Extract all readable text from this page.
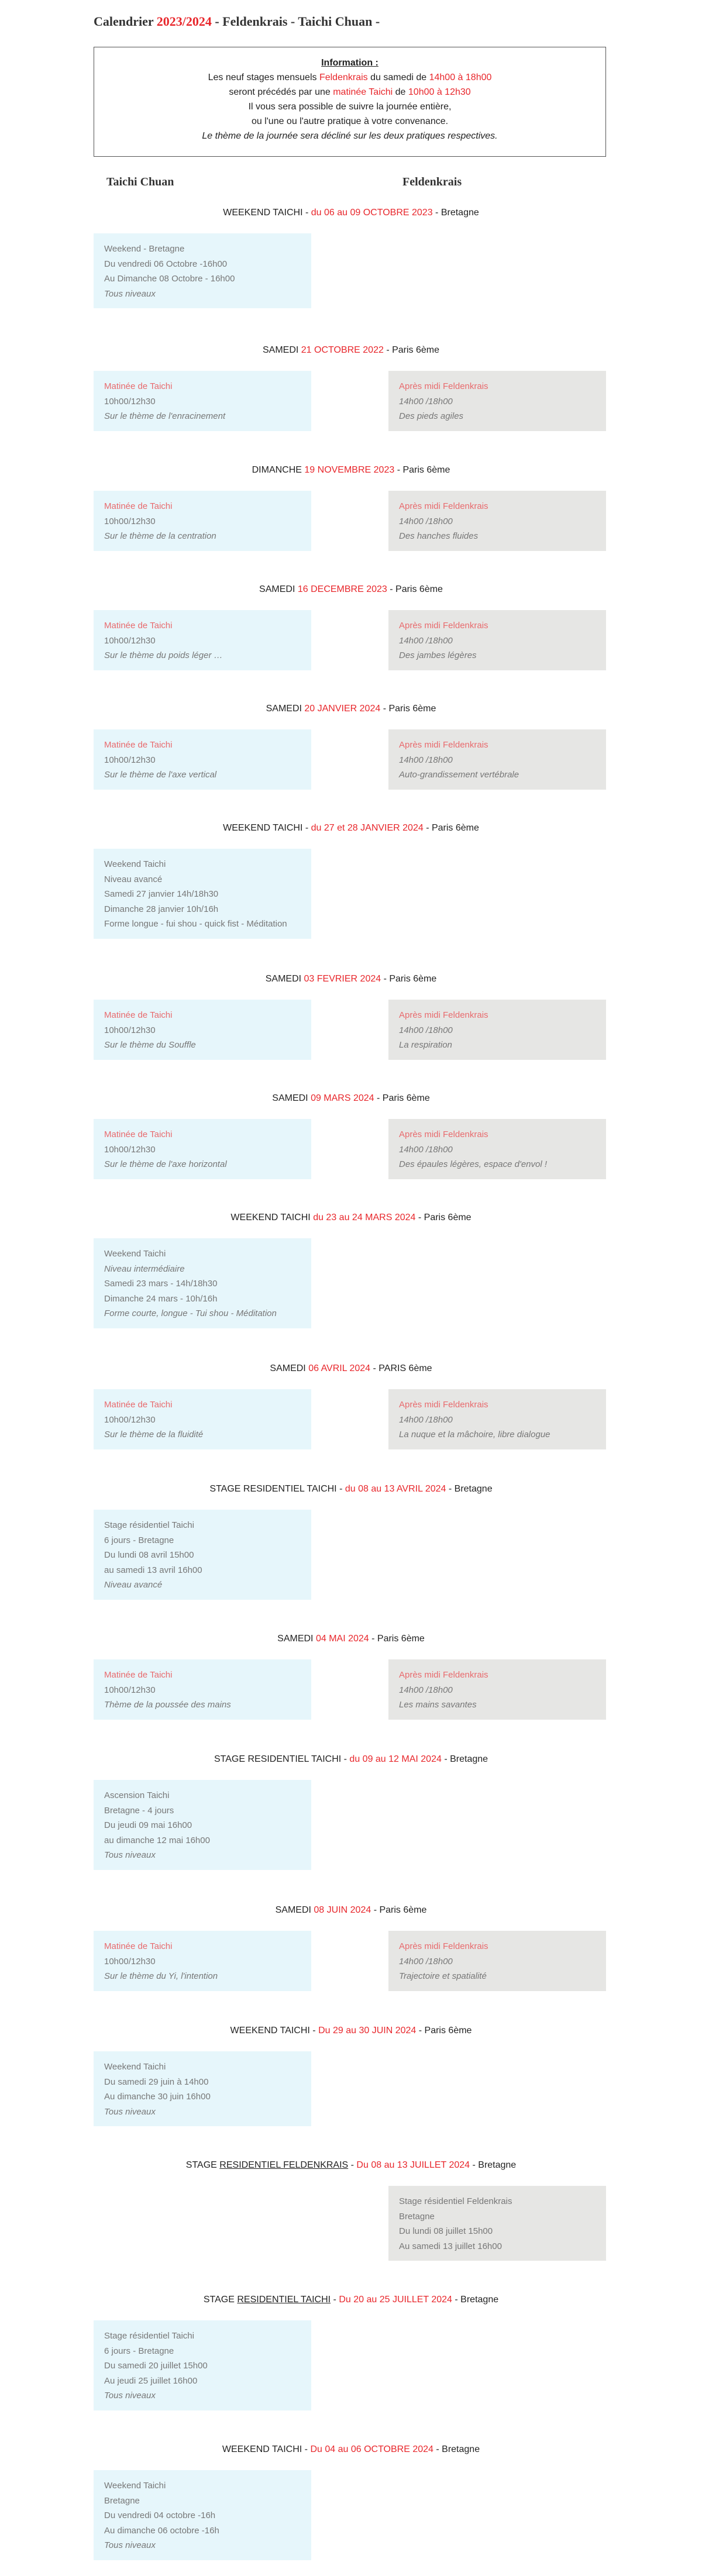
Calendrier 2023/2024 - Feldenkrais - Taichi Chuan -
Information :
Les neuf stages mensuels Feldenkrais du samedi de 14h00 à 18h00
seront précédés par une matinée Taichi de 10h00 à 12h30
Il vous sera possible de suivre la journée entière,
ou l'une ou l'autre pratique à votre convenance.
Le thème de la journée sera décliné sur les deux pratiques respectives.
Taichi Chuan	Feldenkrais
WEEKEND TAICHI - du 06 au 09 OCTOBRE 2023 - Bretagne
Weekend - Bretagne
Du vendredi 06 Octobre -16h00
Au Dimanche 08 Octobre - 16h00
Tous niveaux
SAMEDI 21 OCTOBRE 2022 - Paris 6ème
Matinée de Taichi
10h00/12h30
Sur le thème de l'enracinement
Après midi Feldenkrais
14h00 /18h00
Des pieds agiles
DIMANCHE 19 NOVEMBRE 2023 - Paris 6ème
Matinée de Taichi
10h00/12h30
Sur le thème de la centration
Après midi Feldenkrais
14h00 /18h00
Des hanches fluides
SAMEDI 16 DECEMBRE 2023 - Paris 6ème
Matinée de Taichi
10h00/12h30
Sur le thème du poids léger …
Après midi Feldenkrais
14h00 /18h00
Des jambes légères
SAMEDI 20 JANVIER 2024 - Paris 6ème
Matinée de Taichi
10h00/12h30
Sur le thème de l'axe vertical
Après midi Feldenkrais
14h00 /18h00
Auto-grandissement vertébrale
WEEKEND TAICHI - du 27 et 28 JANVIER 2024 - Paris 6ème
Weekend Taichi
Niveau avancé
Samedi 27 janvier 14h/18h30
Dimanche 28 janvier 10h/16h
Forme longue - fui shou - quick fist - Méditation
SAMEDI 03 FEVRIER 2024 - Paris 6ème
Matinée de Taichi
10h00/12h30
Sur le thème du Souffle
Après midi Feldenkrais
14h00 /18h00
La respiration
SAMEDI 09 MARS 2024 - Paris 6ème
Matinée de Taichi
10h00/12h30
Sur le thème de l'axe horizontal
Après midi Feldenkrais
14h00 /18h00
Des épaules légères, espace d'envol !
WEEKEND TAICHI du 23 au 24 MARS 2024 - Paris 6ème
Weekend Taichi
Niveau intermédiaire
Samedi 23 mars - 14h/18h30
Dimanche 24 mars - 10h/16h
Forme courte, longue - Tui shou - Méditation
SAMEDI 06 AVRIL 2024 - PARIS 6ème
Matinée de Taichi
10h00/12h30
Sur le thème de la fluidité
Après midi Feldenkrais
14h00 /18h00
La nuque et la mâchoire, libre dialogue
STAGE RESIDENTIEL TAICHI - du 08 au 13 AVRIL 2024 - Bretagne
Stage résidentiel Taichi
6 jours - Bretagne
Du lundi 08 avril 15h00
au samedi 13 avril 16h00
Niveau avancé
SAMEDI 04 MAI 2024 - Paris 6ème
Matinée de Taichi
10h00/12h30
Thème de la poussée des mains
Après midi Feldenkrais
14h00 /18h00
Les mains savantes
STAGE RESIDENTIEL TAICHI - du 09 au 12 MAI 2024 - Bretagne
Ascension Taichi
Bretagne - 4 jours
Du jeudi 09 mai 16h00
au dimanche 12 mai 16h00
Tous niveaux
SAMEDI 08 JUIN 2024 - Paris 6ème
Matinée de Taichi
10h00/12h30
Sur le thème du Yi, l'intention
Après midi Feldenkrais
14h00 /18h00
Trajectoire et spatialité
WEEKEND TAICHI - Du 29 au 30 JUIN 2024 - Paris 6ème
Weekend Taichi
Du samedi 29 juin à 14h00
Au dimanche 30 juin 16h00
Tous niveaux
STAGE RESIDENTIEL FELDENKRAIS - Du 08 au 13 JUILLET 2024 - Bretagne
Stage résidentiel Feldenkrais
Bretagne
Du lundi 08 juillet 15h00
Au samedi 13 juillet 16h00
STAGE RESIDENTIEL TAICHI - Du 20 au 25 JUILLET 2024 - Bretagne
Stage résidentiel Taichi
6 jours - Bretagne
Du samedi 20 juillet 15h00
Au jeudi 25 juillet 16h00
Tous niveaux
WEEKEND TAICHI - Du 04 au 06 OCTOBRE 2024 - Bretagne
Weekend Taichi
Bretagne
Du vendredi 04 octobre -16h
Au dimanche 06 octobre -16h
Tous niveaux
